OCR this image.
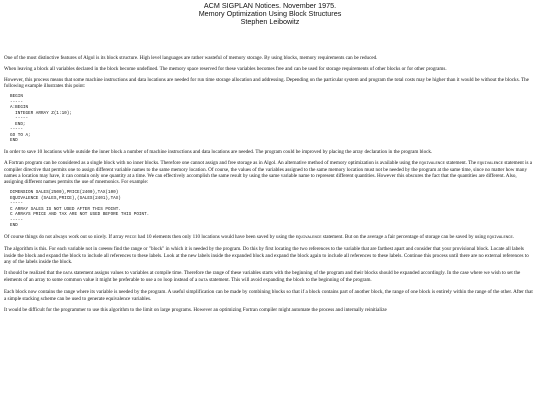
ACM SIGPLAN Notices. November 1975.
Memory Optimization Using Block Structures
Stephen Leibowitz

One of the most distinctive features of Algol is its block structure. High level languages are rather wasteful of memory storage. By using blocks, memory requirements can be reduced.

When leaving a block all variables declared in the block become undefined. The memory space reserved for these variables becomes free and can be used for storage requirements of other blocks or for other programs.

However, this process means that some machine instructions and data locations are needed for run time storage allocation and addressing. Depending on the particular system and program the total costs may be higher than it would be without the blocks. The following example illustrates this point:

BEGIN
-----
A:BEGIN
INTEGER ARRAY Z(1:10);
-----
END;
-----
GO TO A;
END

In order to save 10 locations while outside the inner block a number of machine instructions and data locations are needed. The program could be improved by placing the array declaration in the program block.

A Fortran program can be considered as a single block with no inner blocks. Therefore one cannot assign and free storage as in Algol. An alternative method of memory optimization is available using the EQUIVALENCE statement. The EQUIVALENCE statement is a compiler directive that permits one to assign different variable names to the same memory location. Of course, the values of the variables assigned to the same memory location must not be needed by the program at the same time, since no matter how many names a location may have, it can contain only one quantity at a time. We can effectively accomplish the same result by using the same variable name to represent different quantities. However this obscures the fact that the quantities are different. Also, assigning different names permits the use of mnemonics. For example:

DIMENSION SALES(2500),PRICE(2400),TAX(100)
EQUIVALENCE (SALES,PRICE),(SALES(2401),TAX)
-----
C ARRAY SALES IS NOT USED AFTER THIS POINT.
C ARRAYS PRICE AND TAX ARE NOT USED BEFORE THIS POINT.
-----
END

Of course things do not always work out so nicely. If array PRICE had 10 elements then only 110 locations would have been saved by using the EQUIVALENCE statement. But on the average a fair percentage of storage can be saved by using EQUIVALENCE.

The algorithm is this. For each variable not in COMMON find the range or "block" in which it is needed by the program. Do this by first locating the two references to the variable that are farthest apart and consider that your provisional block. Locate all labels inside the block and expand the block to include all references to these labels. Look at the new labels inside the expanded block and expand the block again to include all references to these labels. Continue this process until there are no external references to any of the labels inside the block.

It should be realized that the DATA statement assigns values to variables at compile time. Therefore the range of these variables starts with the beginning of the program and their blocks should be expanded accordingly. In the case where we wish to set the elements of an array to some common value it might be preferable to use a DO loop instead of a DATA statement. This will avoid expanding the block to the beginning of the program.

Each block now contains the range where its variable is needed by the program. A useful simplification can be made by combining blocks so that if a block contains part of another block, the range of one block is entirely within the range of the other. After that a simple stacking scheme can be used to generate equivalence variables.

It would be difficult for the programmer to use this algorithm to the limit on large programs. However an optimizing Fortran compiler might automate the process and internally reinitialize
